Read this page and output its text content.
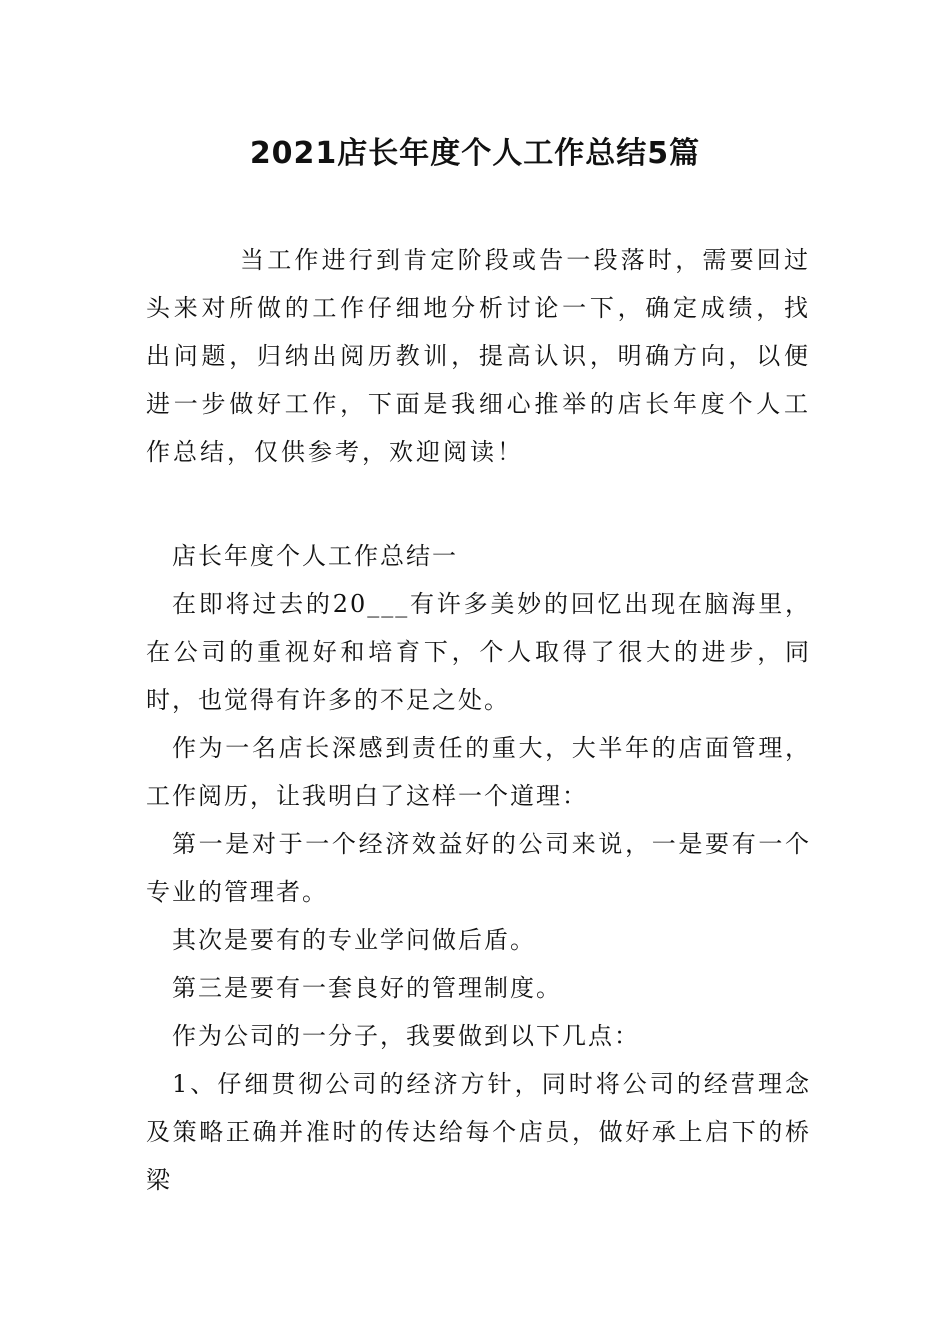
2021店长年度个人工作总结5篇

当工作进行到肯定阶段或告一段落时，需要回过头来对所做的工作仔细地分析讨论一下，确定成绩，找出问题，归纳出阅历教训，提高认识，明确方向，以便进一步做好工作，下面是我细心推举的店长年度个人工作总结，仅供参考，欢迎阅读！

店长年度个人工作总结一

在即将过去的20___有许多美妙的回忆出现在脑海里，在公司的重视好和培育下，个人取得了很大的进步，同时，也觉得有许多的不足之处。

作为一名店长深感到责任的重大，大半年的店面管理，工作阅历，让我明白了这样一个道理：

第一是对于一个经济效益好的公司来说，一是要有一个专业的管理者。

其次是要有的专业学问做后盾。

第三是要有一套良好的管理制度。

作为公司的一分子，我要做到以下几点：

1、仔细贯彻公司的经济方针，同时将公司的经营理念及策略正确并准时的传达给每个店员，做好承上启下的桥梁
